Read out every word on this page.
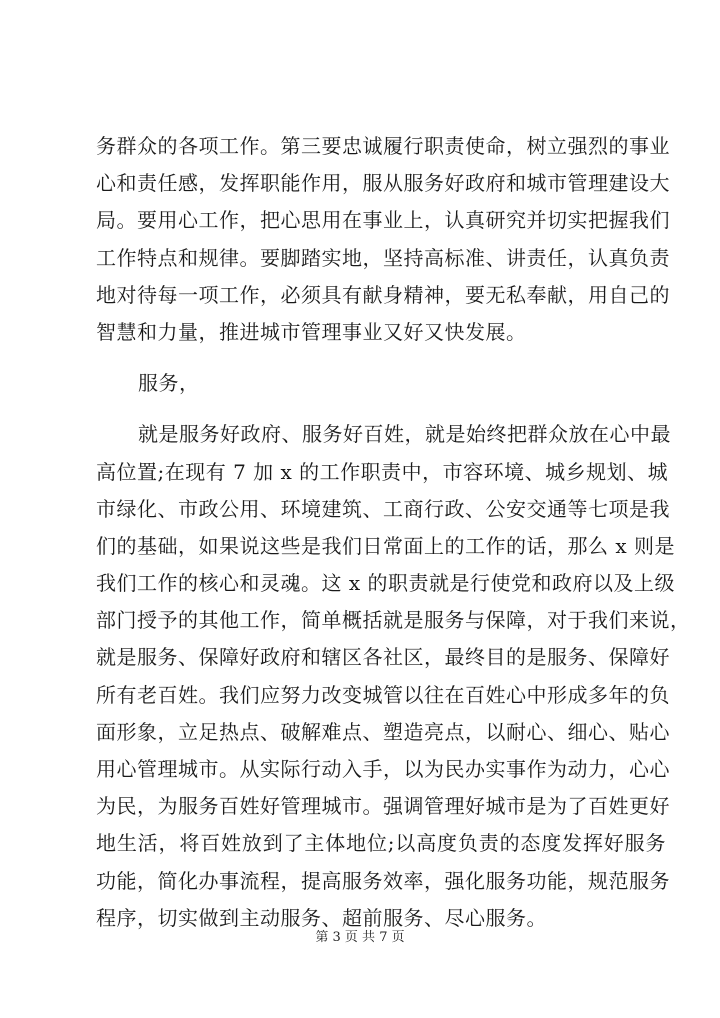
务群众的各项工作。第三要忠诚履行职责使命，树立强烈的事业
心和责任感，发挥职能作用，服从服务好政府和城市管理建设大
局。要用心工作，把心思用在事业上，认真研究并切实把握我们
工作特点和规律。要脚踏实地，坚持高标准、讲责任，认真负责
地对待每一项工作，必须具有献身精神，要无私奉献，用自己的
智慧和力量，推进城市管理事业又好又快发展。
服务，
就是服务好政府、服务好百姓，就是始终把群众放在心中最
高位置;在现有 7 加 x 的工作职责中，市容环境、城乡规划、城
市绿化、市政公用、环境建筑、工商行政、公安交通等七项是我
们的基础，如果说这些是我们日常面上的工作的话，那么 x 则是
我们工作的核心和灵魂。这 x 的职责就是行使党和政府以及上级
部门授予的其他工作，简单概括就是服务与保障，对于我们来说，
就是服务、保障好政府和辖区各社区，最终目的是服务、保障好
所有老百姓。我们应努力改变城管以往在百姓心中形成多年的负
面形象，立足热点、破解难点、塑造亮点，以耐心、细心、贴心
用心管理城市。从实际行动入手，以为民办实事作为动力，心心
为民，为服务百姓好管理城市。强调管理好城市是为了百姓更好
地生活，将百姓放到了主体地位;以高度负责的态度发挥好服务
功能，简化办事流程，提高服务效率，强化服务功能，规范服务
程序，切实做到主动服务、超前服务、尽心服务。
第 3 页 共 7 页
